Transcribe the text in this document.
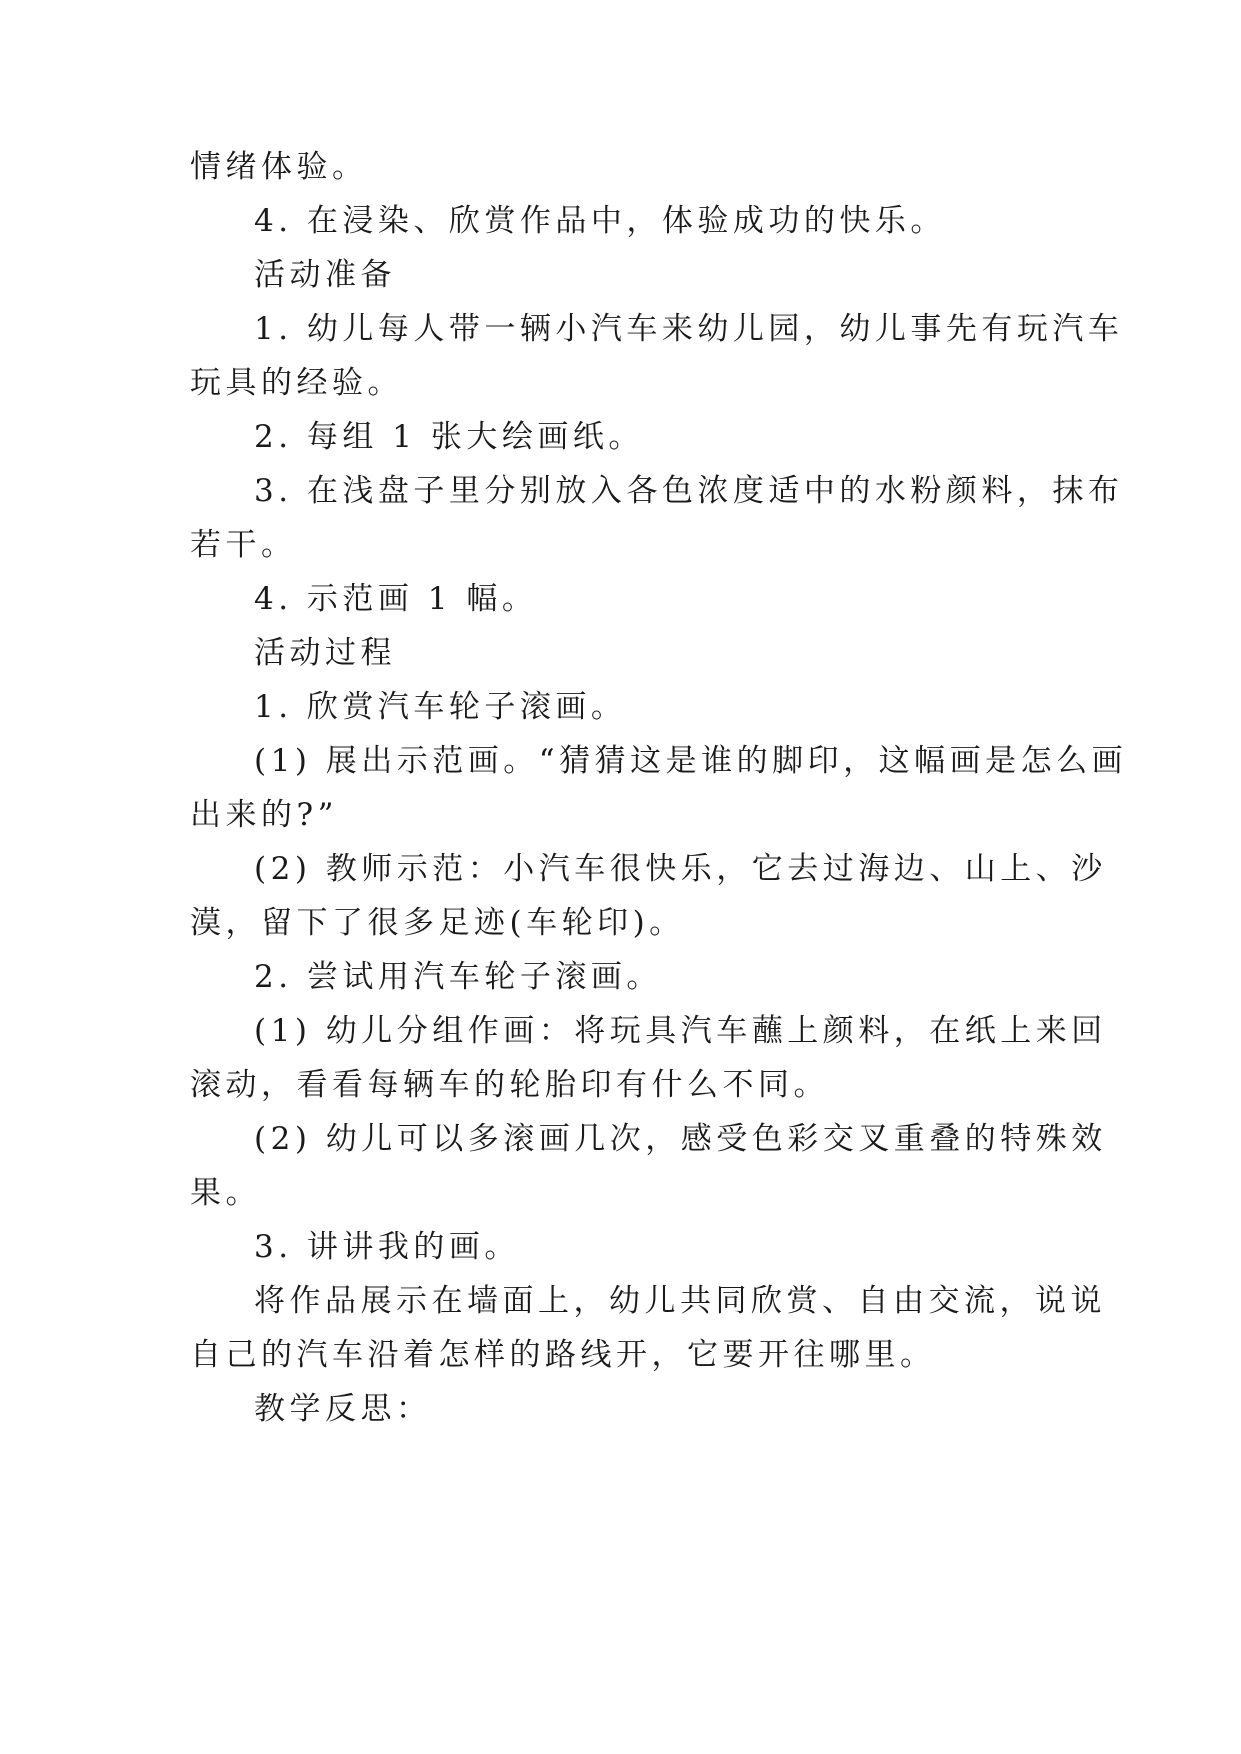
情绪体验。
4. 在浸染、欣赏作品中，体验成功的快乐。
活动准备
1. 幼儿每人带一辆小汽车来幼儿园，幼儿事先有玩汽车
玩具的经验。
2. 每组 1 张大绘画纸。
3. 在浅盘子里分别放入各色浓度适中的水粉颜料，抹布
若干。
4. 示范画 1 幅。
活动过程
1. 欣赏汽车轮子滚画。
(1) 展出示范画。“猜猜这是谁的脚印，这幅画是怎么画
出来的?”
(2) 教师示范：小汽车很快乐，它去过海边、山上、沙
漠，留下了很多足迹(车轮印)。
2. 尝试用汽车轮子滚画。
(1) 幼儿分组作画：将玩具汽车蘸上颜料，在纸上来回
滚动，看看每辆车的轮胎印有什么不同。
(2) 幼儿可以多滚画几次，感受色彩交叉重叠的特殊效
果。
3. 讲讲我的画。
将作品展示在墙面上，幼儿共同欣赏、自由交流，说说
自己的汽车沿着怎样的路线开，它要开往哪里。
教学反思：
